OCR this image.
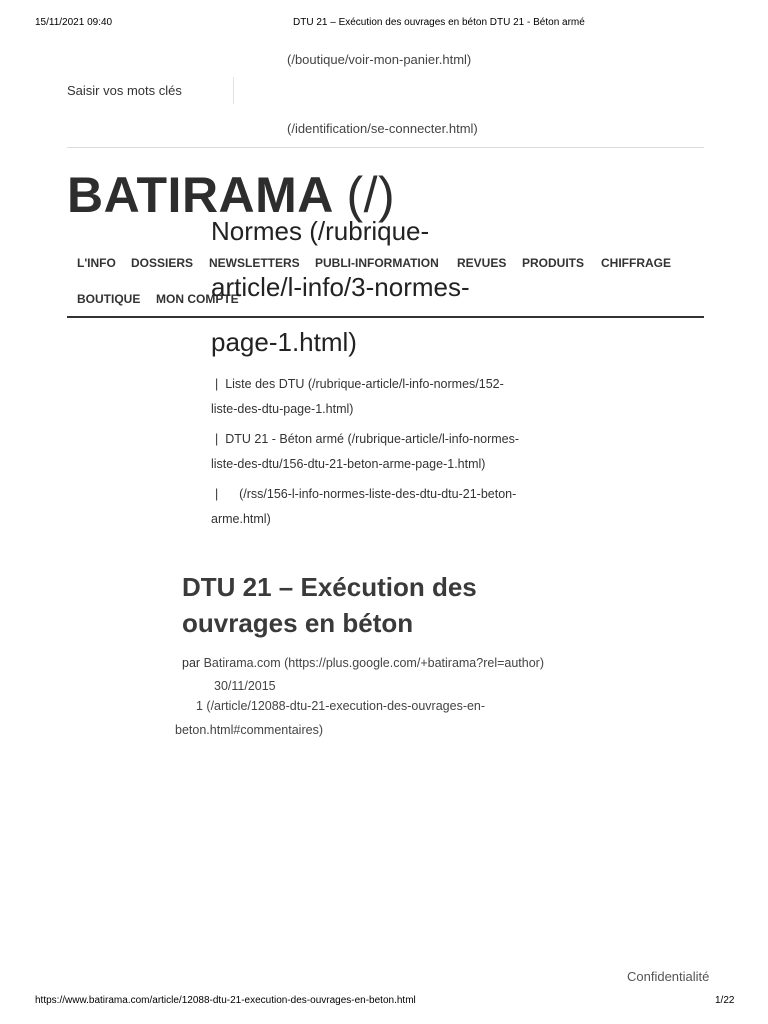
15/11/2021 09:40	DTU 21 – Exécution des ouvrages en béton DTU 21 - Béton armé
(/boutique/voir-mon-panier.html)
Saisir vos mots clés
(/identification/se-connecter.html)
BATIRAMA (/)
L'INFO DOSSIERS NEWSLETTERS PUBLI-INFORMATION REVUES PRODUITS CHIFFRAGE
BOUTIQUE MON COMPTE
Normes (/rubrique-
article/l-info/3-normes-
page-1.html)
| Liste des DTU (/rubrique-article/l-info-normes/152-
liste-des-dtu-page-1.html)
| DTU 21 - Béton armé (/rubrique-article/l-info-normes-
liste-des-dtu/156-dtu-21-beton-arme-page-1.html)
| (/rss/156-l-info-normes-liste-des-dtu-dtu-21-beton-
arme.html)
DTU 21 – Exécution des
ouvrages en béton
par Batirama.com (https://plus.google.com/+batirama?rel=author)
30/11/2015
1 (/article/12088-dtu-21-execution-des-ouvrages-en-
beton.html#commentaires)
Confidentialité
https://www.batirama.com/article/12088-dtu-21-execution-des-ouvrages-en-beton.html	1/22
